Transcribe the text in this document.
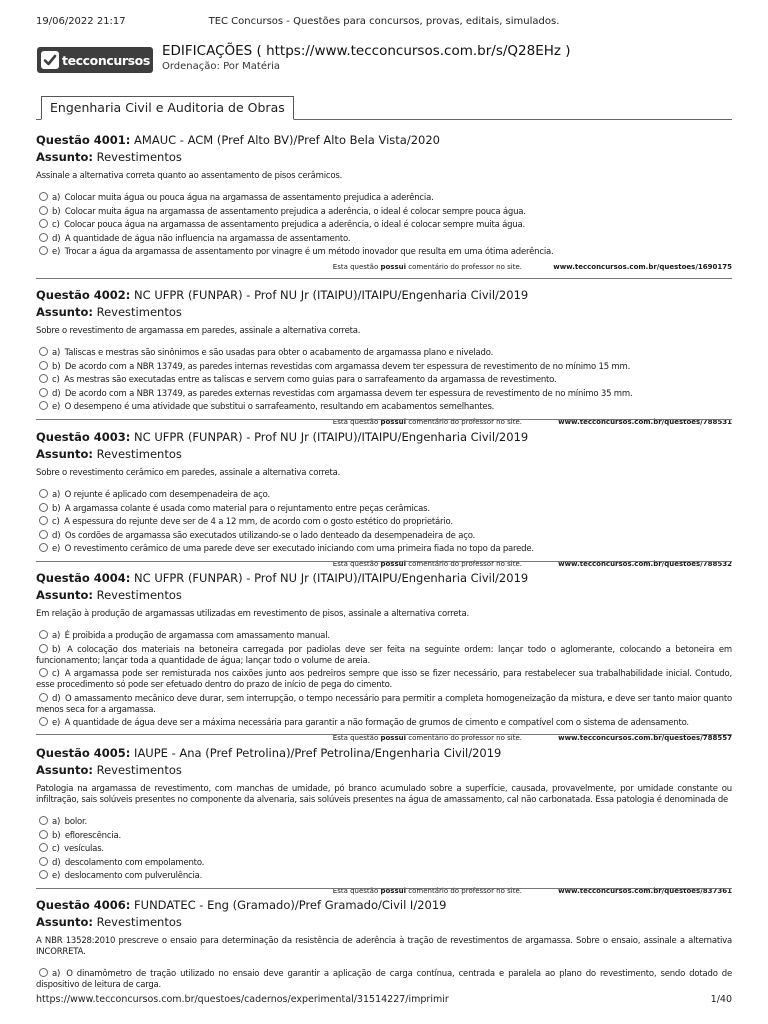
19/06/2022 21:17	TEC Concursos - Questões para concursos, provas, editais, simulados.
tecconcursos
EDIFICAÇÕES ( https://www.tecconcursos.com.br/s/Q28EHz )
Ordenação: Por Matéria
Engenharia Civil e Auditoria de Obras
Questão 4001: AMAUC - ACM (Pref Alto BV)/Pref Alto Bela Vista/2020
Assunto: Revestimentos
Assinale a alternativa correta quanto ao assentamento de pisos cerâmicos.
a) Colocar muita água ou pouca água na argamassa de assentamento prejudica a aderência.
b) Colocar muita água na argamassa de assentamento prejudica a aderência, o ideal é colocar sempre pouca água.
c) Colocar pouca água na argamassa de assentamento prejudica a aderência, o ideal é colocar sempre muita água.
d) A quantidade de água não influencia na argamassa de assentamento.
e) Trocar a água da argamassa de assentamento por vinagre é um método inovador que resulta em uma ótima aderência.
Esta questão possui comentário do professor no site.	www.tecconcursos.com.br/questoes/1690175
Questão 4002: NC UFPR (FUNPAR) - Prof NU Jr (ITAIPU)/ITAIPU/Engenharia Civil/2019
Assunto: Revestimentos
Sobre o revestimento de argamassa em paredes, assinale a alternativa correta.
a) Taliscas e mestras são sinônimos e são usadas para obter o acabamento de argamassa plano e nivelado.
b) De acordo com a NBR 13749, as paredes internas revestidas com argamassa devem ter espessura de revestimento de no mínimo 15 mm.
c) As mestras são executadas entre as taliscas e servem como guias para o sarrafeamento da argamassa de revestimento.
d) De acordo com a NBR 13749, as paredes externas revestidas com argamassa devem ter espessura de revestimento de no mínimo 35 mm.
e) O desempeno é uma atividade que substitui o sarrafeamento, resultando em acabamentos semelhantes.
Esta questão possui comentário do professor no site.	www.tecconcursos.com.br/questoes/788531
Questão 4003: NC UFPR (FUNPAR) - Prof NU Jr (ITAIPU)/ITAIPU/Engenharia Civil/2019
Assunto: Revestimentos
Sobre o revestimento cerâmico em paredes, assinale a alternativa correta.
a) O rejunte é aplicado com desempenadeira de aço.
b) A argamassa colante é usada como material para o rejuntamento entre peças cerâmicas.
c) A espessura do rejunte deve ser de 4 a 12 mm, de acordo com o gosto estético do proprietário.
d) Os cordões de argamassa são executados utilizando-se o lado denteado da desempenadeira de aço.
e) O revestimento cerâmico de uma parede deve ser executado iniciando com uma primeira fiada no topo da parede.
Esta questão possui comentário do professor no site.	www.tecconcursos.com.br/questoes/788532
Questão 4004: NC UFPR (FUNPAR) - Prof NU Jr (ITAIPU)/ITAIPU/Engenharia Civil/2019
Assunto: Revestimentos
Em relação à produção de argamassas utilizadas em revestimento de pisos, assinale a alternativa correta.
a) É proibida a produção de argamassa com amassamento manual.
b) A colocação dos materiais na betoneira carregada por padiolas deve ser feita na seguinte ordem: lançar todo o aglomerante, colocando a betoneira em funcionamento; lançar toda a quantidade de água; lançar todo o volume de areia.
c) A argamassa pode ser remisturada nos caixões junto aos pedreiros sempre que isso se fizer necessário, para restabelecer sua trabalhabilidade inicial. Contudo, esse procedimento só pode ser efetuado dentro do prazo de início de pega do cimento.
d) O amassamento mecânico deve durar, sem interrupção, o tempo necessário para permitir a completa homogeneização da mistura, e deve ser tanto maior quanto menos seca for a argamassa.
e) A quantidade de água deve ser a máxima necessária para garantir a não formação de grumos de cimento e compatível com o sistema de adensamento.
Esta questão possui comentário do professor no site.	www.tecconcursos.com.br/questoes/788557
Questão 4005: IAUPE - Ana (Pref Petrolina)/Pref Petrolina/Engenharia Civil/2019
Assunto: Revestimentos
Patologia na argamassa de revestimento, com manchas de umidade, pó branco acumulado sobre a superfície, causada, provavelmente, por umidade constante ou infiltração, sais solúveis presentes no componente da alvenaria, sais solúveis presentes na água de amassamento, cal não carbonatada. Essa patologia é denominada de
a) bolor.
b) eflorescência.
c) vesículas.
d) descolamento com empolamento.
e) deslocamento com pulverulência.
Esta questão possui comentário do professor no site.	www.tecconcursos.com.br/questoes/837361
Questão 4006: FUNDATEC - Eng (Gramado)/Pref Gramado/Civil I/2019
Assunto: Revestimentos
A NBR 13528:2010 prescreve o ensaio para determinação da resistência de aderência à tração de revestimentos de argamassa. Sobre o ensaio, assinale a alternativa INCORRETA.
a) O dinamômetro de tração utilizado no ensaio deve garantir a aplicação de carga contínua, centrada e paralela ao plano do revestimento, sendo dotado de dispositivo de leitura de carga.
https://www.tecconcursos.com.br/questoes/cadernos/experimental/31514227/imprimir	1/40
